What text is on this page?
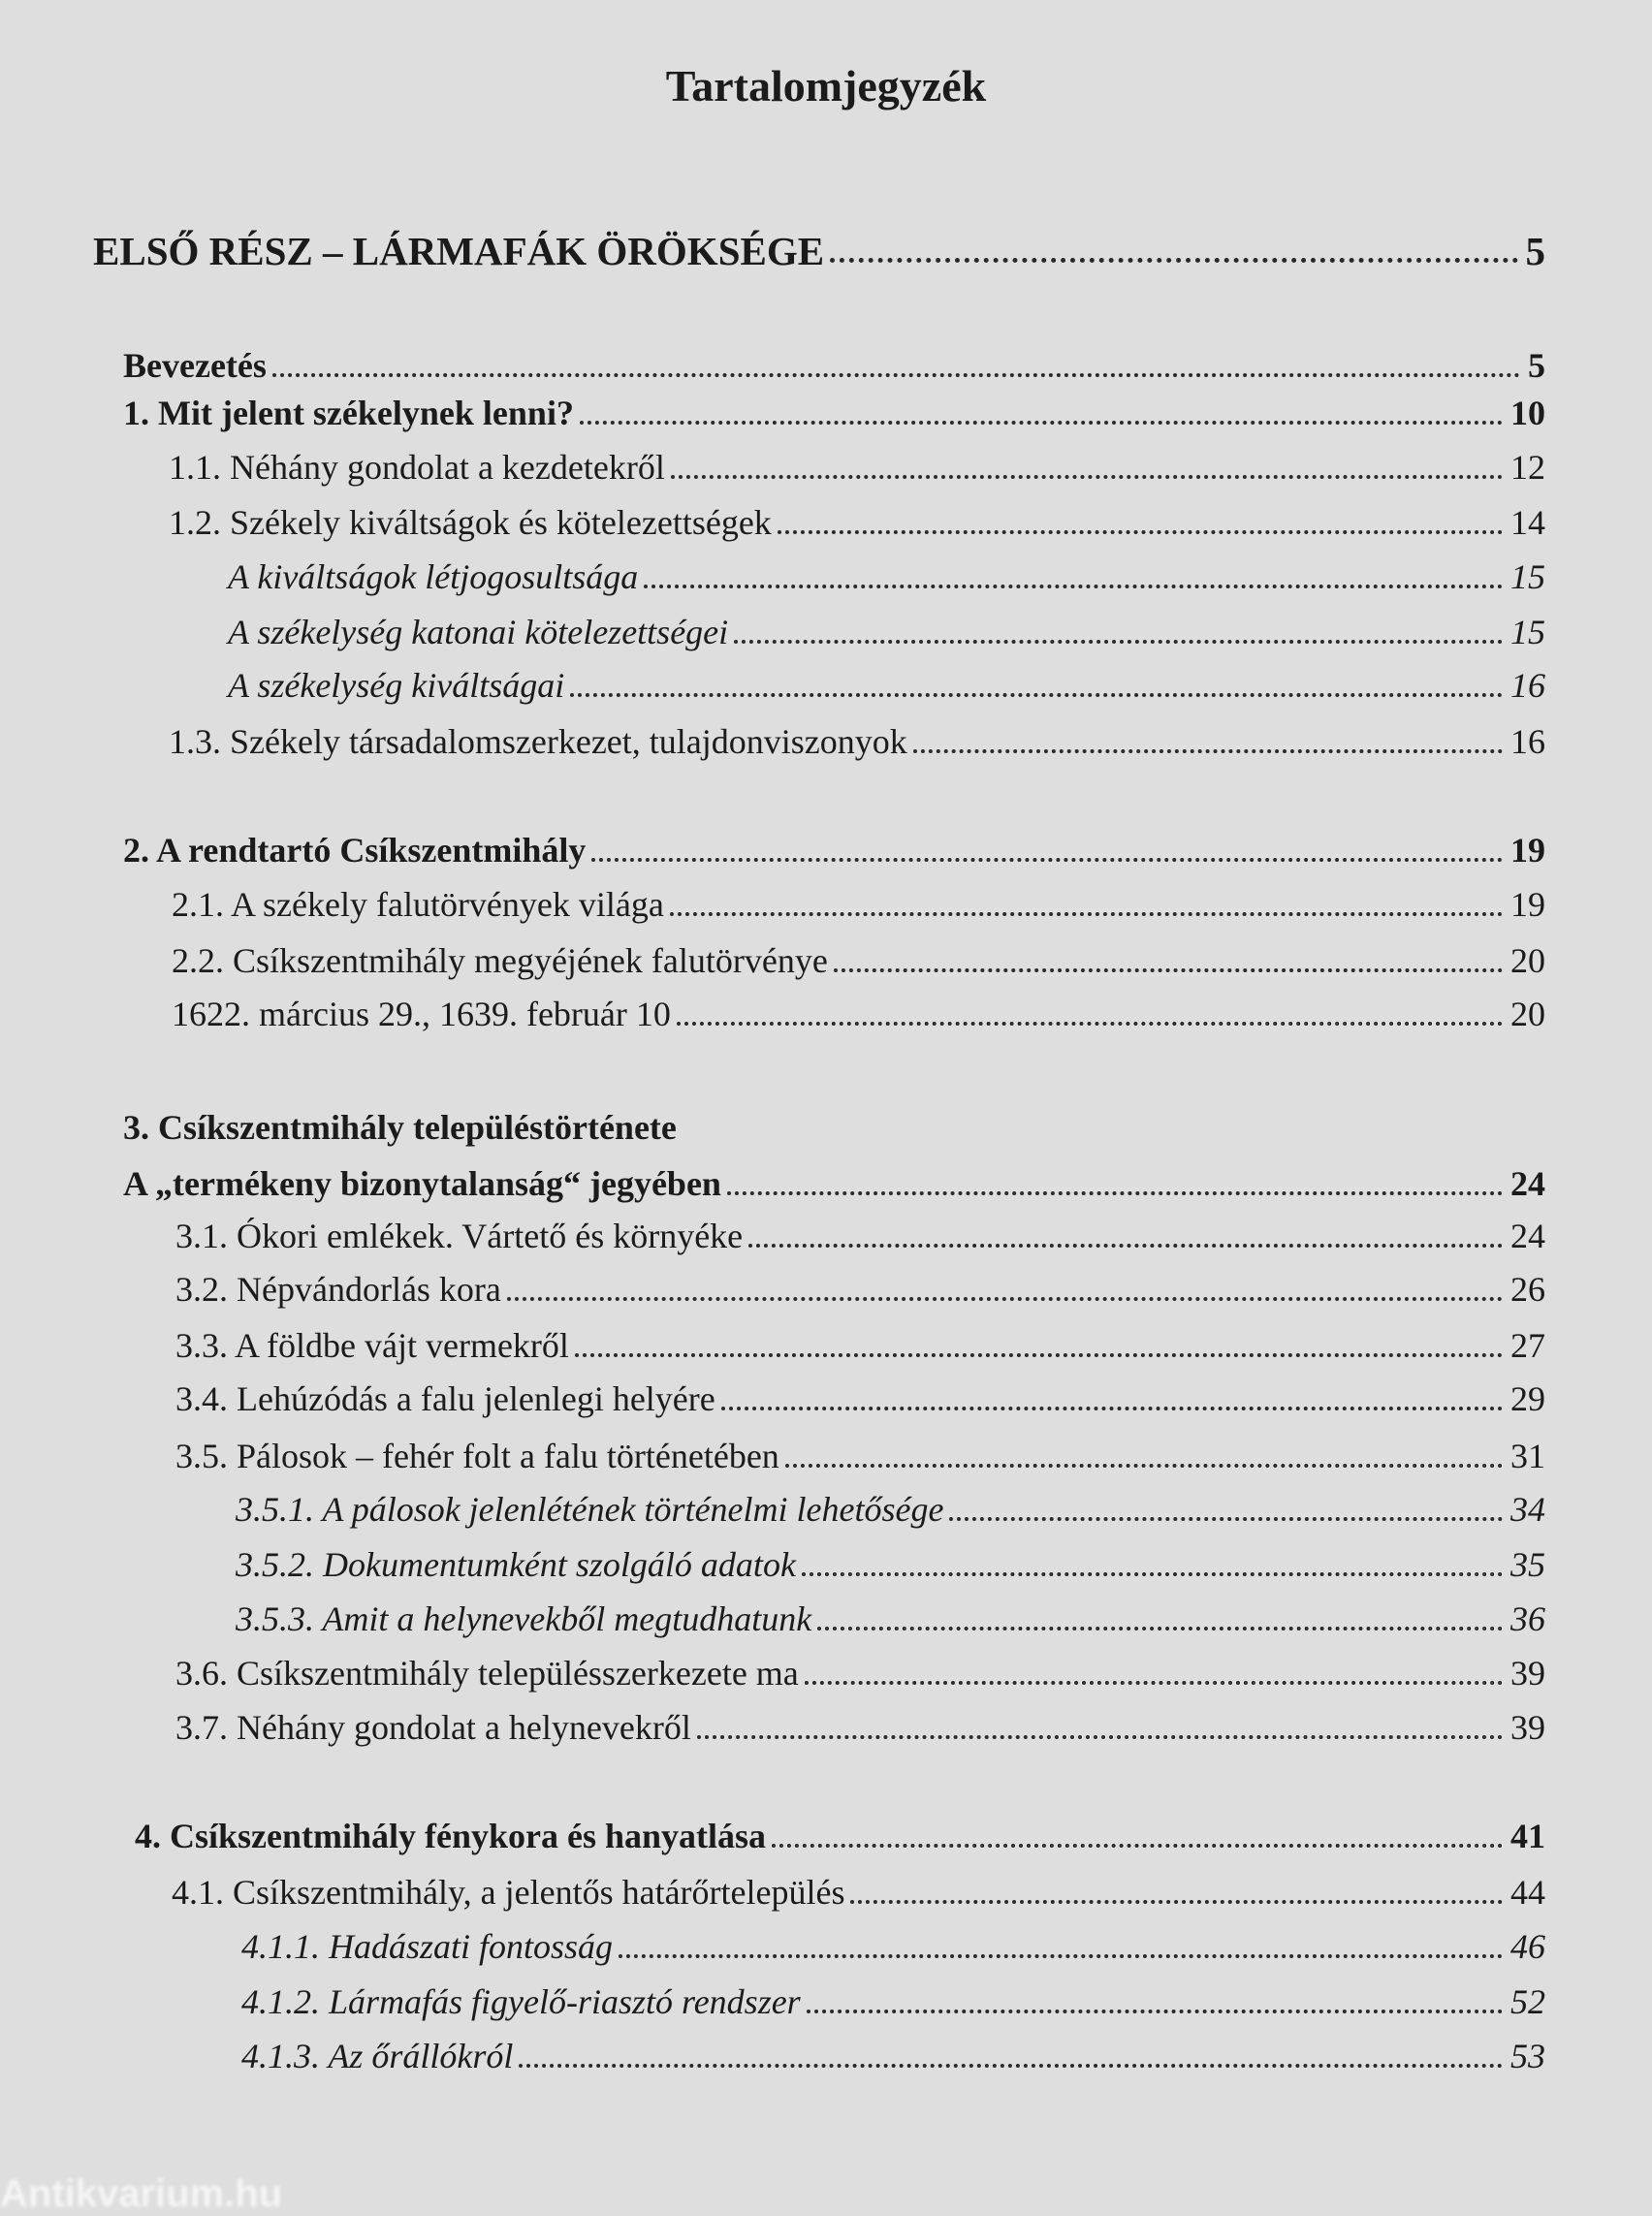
Tartalomjegyzék
ELSŐ RÉSZ – LÁRMAFÁK ÖRÖKSÉGE	5
Bevezetés	5
1. Mit jelent székelynek lenni?	10
1.1. Néhány gondolat a kezdetekről	12
1.2. Székely kiváltságok és kötelezettségek	14
A kiváltságok létjogosultsága	15
A székelység katonai kötelezettségei	15
A székelység kiváltságai	16
1.3. Székely társadalomszerkezet, tulajdonviszonyok	16
2. A rendtartó Csíkszentmihály	19
2.1. A székely falutörvények világa	19
2.2. Csíkszentmihály megyéjének falutörvénye	20
1622. március 29., 1639. február 10	20
3. Csíkszentmihály településtörténete
A „termékeny bizonytalanság“ jegyében	24
3.1. Ókori emlékek. Vártető és környéke	24
3.2. Népvándorlás kora	26
3.3. A földbe vájt vermekről	27
3.4. Lehúzódás a falu jelenlegi helyére	29
3.5. Pálosok – fehér folt a falu történetében	31
3.5.1. A pálosok jelenlétének történelmi lehetősége	34
3.5.2. Dokumentumként szolgáló adatok	35
3.5.3. Amit a helynevekből megtudhatunk	36
3.6. Csíkszentmihály településszerkezete ma	39
3.7. Néhány gondolat a helynevekről	39
4. Csíkszentmihály fénykora és hanyatlása	41
4.1. Csíkszentmihály, a jelentős határőrtelepülés	44
4.1.1. Hadászati fontosság	46
4.1.2. Lármafás figyelő-riasztó rendszer	52
4.1.3. Az őrállókról	53
Antikvarium.hu
